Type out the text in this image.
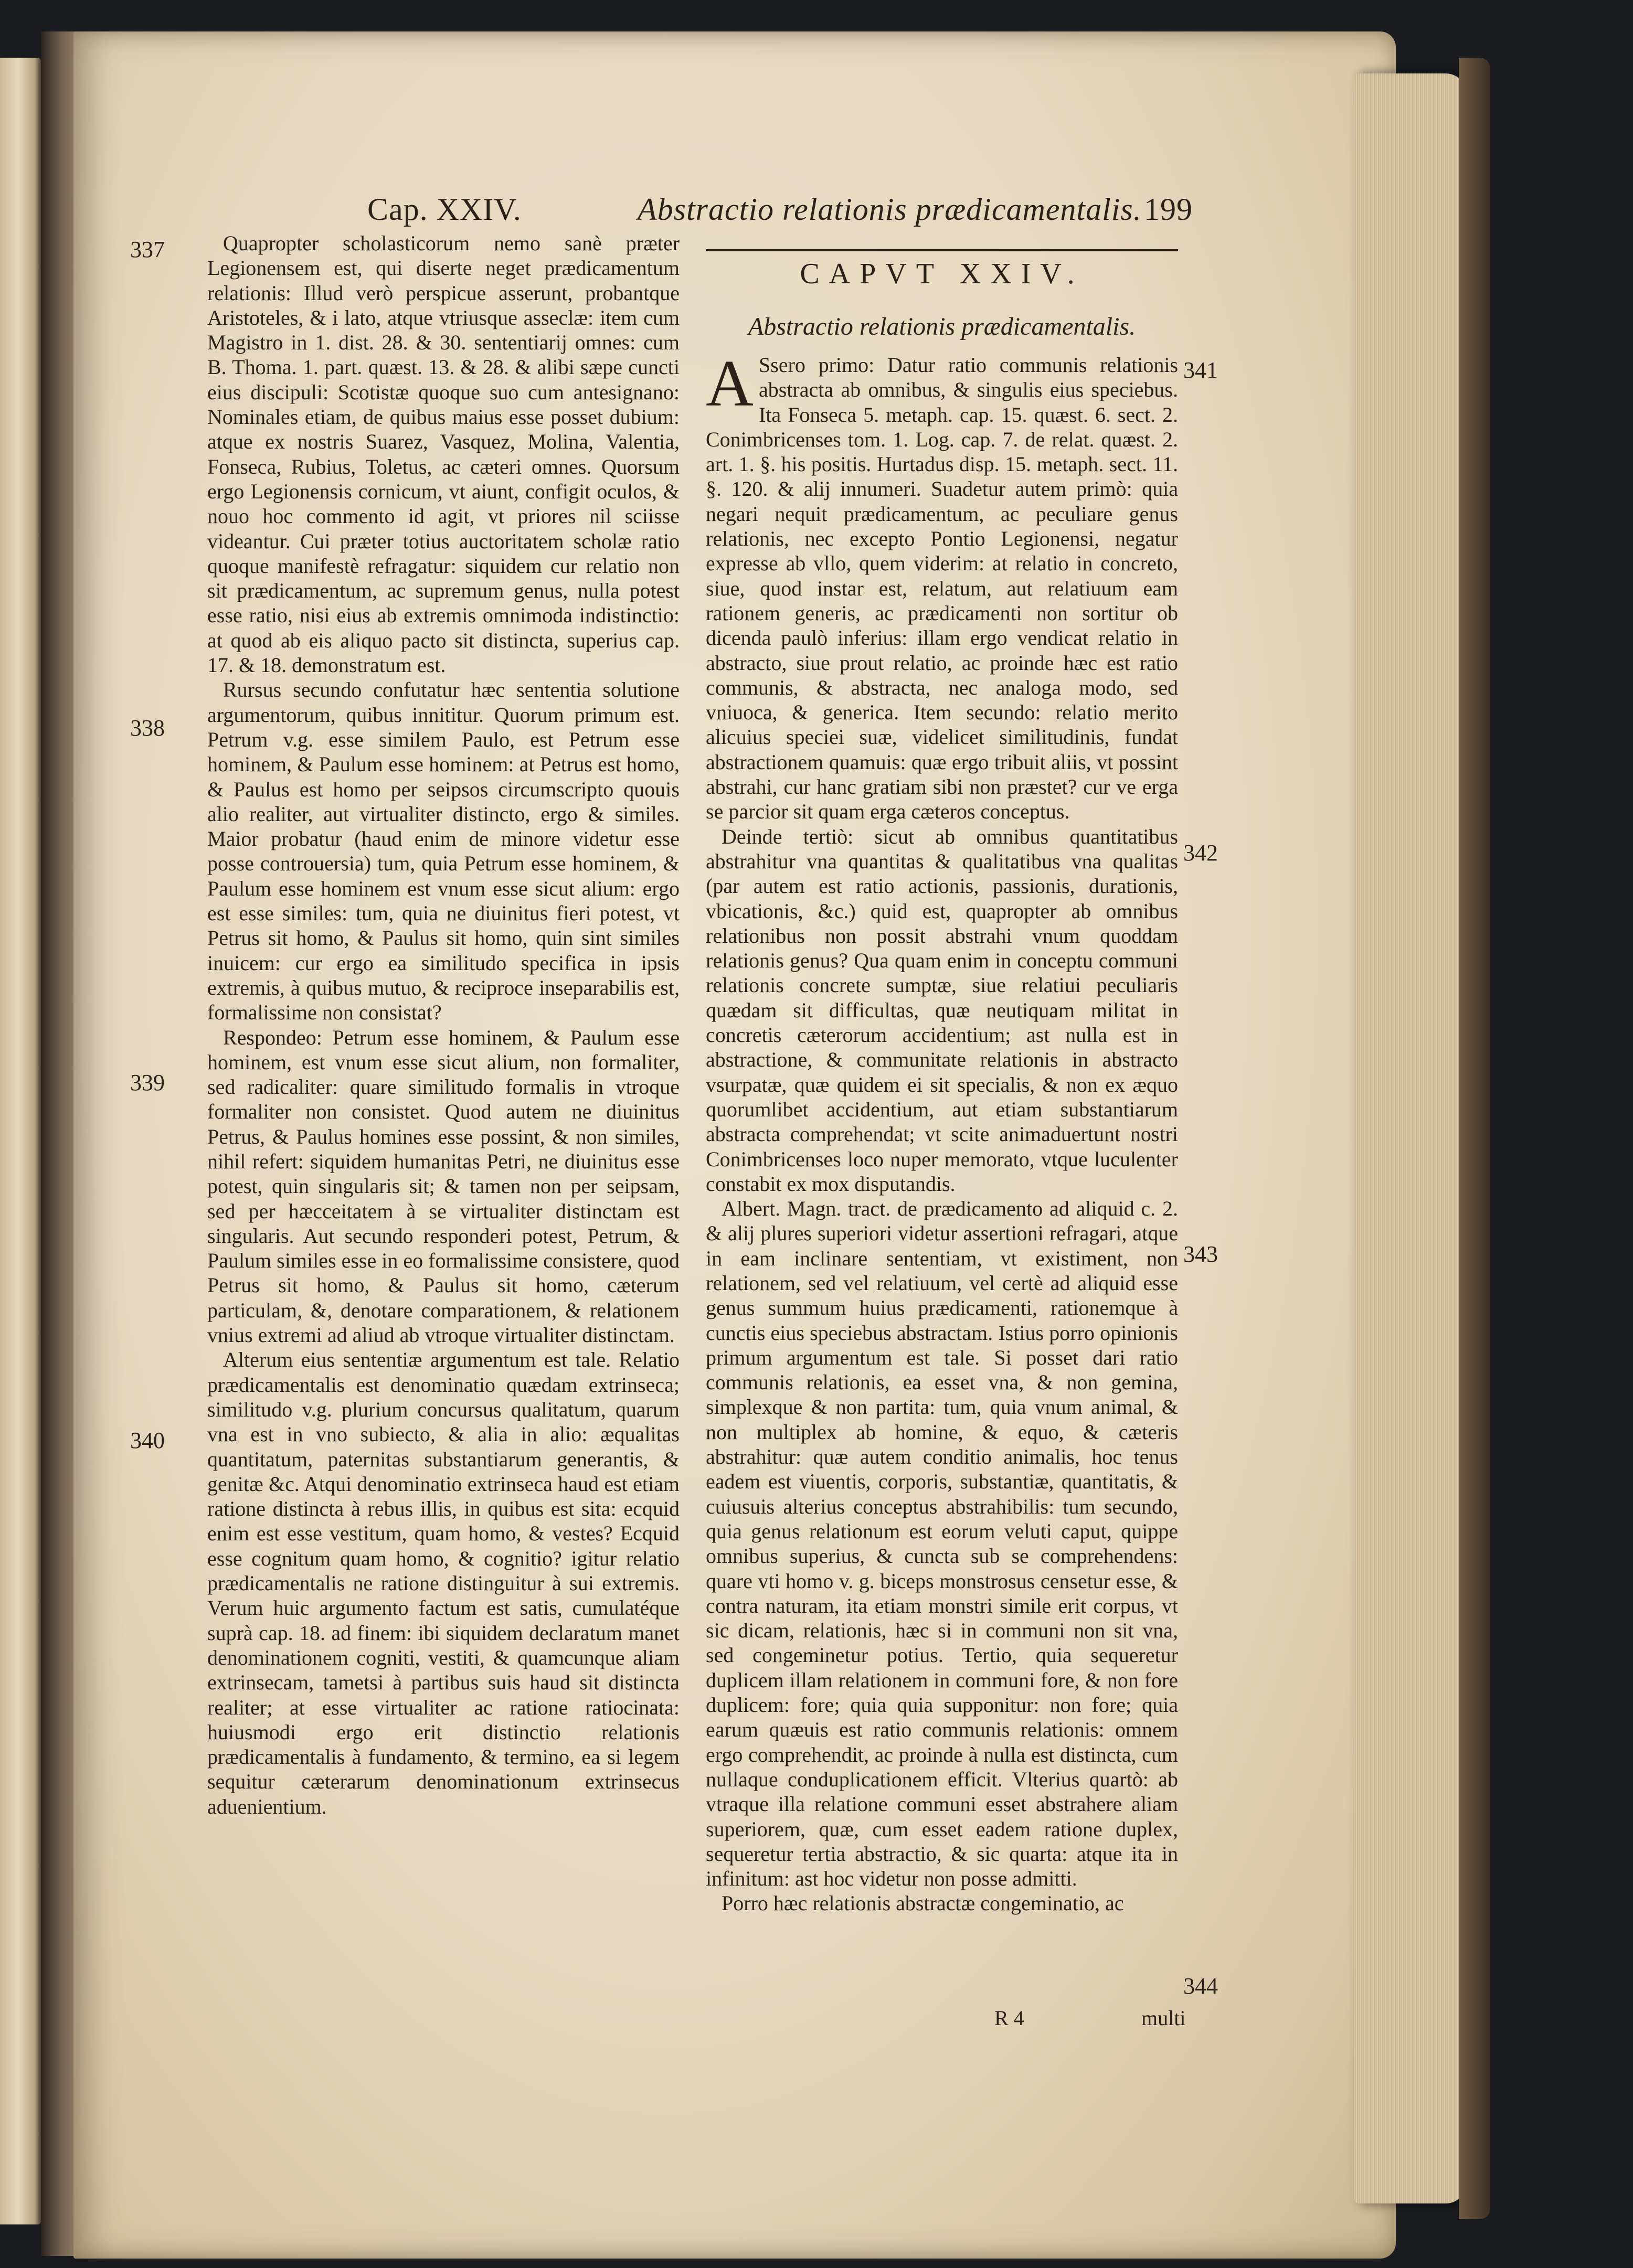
Cap. XXIV.	Abstractio relationis prædicamentalis. 199

Quapropter scholasticorum nemo sanè præter Legionensem est, qui diserte neget prædicamentum relationis: Illud verò perspicue asserunt, probantque Aristoteles, & i lato, atque vtriusque asseclæ: item cum Magistro in 1. dist. 28. & 30. sententiarij omnes: cum B. Thoma. 1. part. quæst. 13. & 28. & alibi sæpe cuncti eius discipuli: Scotistæ quoque suo cum antesignano: Nominales etiam, de quibus maius esse posset dubium: atque ex nostris Suarez, Vasquez, Molina, Valentia, Fonseca, Rubius, Toletus, ac cæteri omnes. Quorsum ergo Legionensis cornicum, vt aiunt, configit oculos, & nouo hoc commento id agit, vt priores nil sciisse videantur. Cui præter totius auctoritatem scholæ ratio quoque manifestè refragatur: siquidem cur relatio non sit prædicamentum, ac supremum genus, nulla potest esse ratio, nisi eius ab extremis omnimoda indistinctio: at quod ab eis aliquo pacto sit distincta, superius cap. 17. & 18. demonstratum est.

Rursus secundo confutatur hæc sententia solutione argumentorum, quibus innititur. Quorum primum est. Petrum v.g. esse similem Paulo, est Petrum esse hominem, & Paulum esse hominem: at Petrus est homo, & Paulus est homo per seipsos circumscripto quouis alio realiter, aut virtualiter distincto, ergo & similes. Maior probatur (haud enim de minore videtur esse posse controuersia) tum, quia Petrum esse hominem, & Paulum esse hominem est vnum esse sicut alium: ergo est esse similes: tum, quia ne diuinitus fieri potest, vt Petrus sit homo, & Paulus sit homo, quin sint similes inuicem: cur ergo ea similitudo specifica in ipsis extremis, à quibus mutuo, & reciproce inseparabilis est, formalissime non consistat?

Respondeo: Petrum esse hominem, & Paulum esse hominem, est vnum esse sicut alium, non formaliter, sed radicaliter: quare similitudo formalis in vtroque formaliter non consistet. Quod autem ne diuinitus Petrus, & Paulus homines esse possint, & non similes, nihil refert: siquidem humanitas Petri, ne diuinitus esse potest, quin singularis sit; & tamen non per seipsam, sed per hæcceitatem à se virtualiter distinctam est singularis. Aut secundo responderi potest, Petrum, & Paulum similes esse in eo formalissime consistere, quod Petrus sit homo, & Paulus sit homo, cæterum particulam, &, denotare comparationem, & relationem vnius extremi ad aliud ab vtroque virtualiter distinctam.

Alterum eius sententiæ argumentum est tale. Relatio prædicamentalis est denominatio quædam extrinseca; similitudo v.g. plurium concursus qualitatum, quarum vna est in vno subiecto, & alia in alio: æqualitas quantitatum, paternitas substantiarum generantis, & genitæ &c. Atqui denominatio extrinseca haud est etiam ratione distincta à rebus illis, in quibus est sita: ecquid enim est esse vestitum, quam homo, & vestes? Ecquid esse cognitum quam homo, & cognitio? igitur relatio prædicamentalis ne ratione distinguitur à sui extremis. Verum huic argumento factum est satis, cumulatéque suprà cap. 18. ad finem: ibi siquidem declaratum manet denominationem cogniti, vestiti, & quamcunque aliam extrinsecam, tametsi à partibus suis haud sit distincta realiter; at esse virtualiter ac ratione ratiocinata: huiusmodi ergo erit distinctio relationis prædicamentalis à fundamento, & termino, ea si legem sequitur cæterarum denominationum extrinsecus aduenientium.

337
338
339
340
CAPVT XXIV.
Abstractio relationis prædicamentalis.

A Ssero primo: Datur ratio communis relationis abstracta ab omnibus, & singulis eius speciebus. Ita Fonseca 5. metaph. cap. 15. quæst. 6. sect. 2. Conimbricenses tom. 1. Log. cap. 7. de relat. quæst. 2. art. 1. §. his positis. Hurtadus disp. 15. metaph. sect. 11. §. 120. & alij innumeri. Suadetur autem primò: quia negari nequit prædicamentum, ac peculiare genus relationis, nec excepto Pontio Legionensi, negatur expresse ab vllo, quem viderim: at relatio in concreto, siue, quod instar est, relatum, aut relatiuum eam rationem generis, ac prædicamenti non sortitur ob dicenda paulò inferius: illam ergo vendicat relatio in abstracto, siue prout relatio, ac proinde hæc est ratio communis, & abstracta, nec analoga modo, sed vniuoca, & generica. Item secundo: relatio merito alicuius speciei suæ, videlicet similitudinis, fundat abstractionem quamuis: quæ ergo tribuit aliis, vt possint abstrahi, cur hanc gratiam sibi non præstet? cur ve erga se parcior sit quam erga cæteros conceptus.

Deinde tertiò: sicut ab omnibus quantitatibus abstrahitur vna quantitas & qualitatibus vna qualitas (par autem est ratio actionis, passionis, durationis, vbicationis, &c.) quid est, quapropter ab omnibus relationibus non possit abstrahi vnum quoddam relationis genus? Qua quam enim in conceptu communi relationis concrete sumptæ, siue relatiui peculiaris quædam sit difficultas, quæ neutiquam militat in concretis cæterorum accidentium; ast nulla est in abstractione, & communitate relationis in abstracto vsurpatæ, quæ quidem ei sit specialis, & non ex æquo quorumlibet accidentium, aut etiam substantiarum abstracta comprehendat; vt scite animaduertunt nostri Conimbricenses loco nuper memorato, vtque luculenter constabit ex mox disputandis.

Albert. Magn. tract. de prædicamento ad aliquid c. 2. & alij plures superiori videtur assertioni refragari, atque in eam inclinare sententiam, vt existiment, non relationem, sed vel relatiuum, vel certè ad aliquid esse genus summum huius prædicamenti, rationemque à cunctis eius speciebus abstractam. Istius porro opinionis primum argumentum est tale. Si posset dari ratio communis relationis, ea esset vna, & non gemina, simplexque & non partita: tum, quia vnum animal, & non multiplex ab homine, & equo, & cæteris abstrahitur: quæ autem conditio animalis, hoc tenus eadem est viuentis, corporis, substantiæ, quantitatis, & cuiusuis alterius conceptus abstrahibilis: tum secundo, quia genus relationum est eorum veluti caput, quippe omnibus superius, & cuncta sub se comprehendens: quare vti homo v. g. biceps monstrosus censetur esse, & contra naturam, ita etiam monstri simile erit corpus, vt sic dicam, relationis, hæc si in communi non sit vna, sed congeminetur potius. Tertio, quia sequeretur duplicem illam relationem in communi fore, & non fore duplicem: fore; quia quia supponitur: non fore; quia earum quæuis est ratio communis relationis: omnem ergo comprehendit, ac proinde à nulla est distincta, cum nullaque conduplicationem efficit. Vlterius quartò: ab vtraque illa relatione communi esset abstrahere aliam superiorem, quæ, cum esset eadem ratione duplex, sequeretur tertia abstractio, & sic quarta: atque ita in infinitum: ast hoc videtur non posse admitti.

Porro hæc relationis abstractæ congeminatio, ac

341
342
343
344
R 4	multi
